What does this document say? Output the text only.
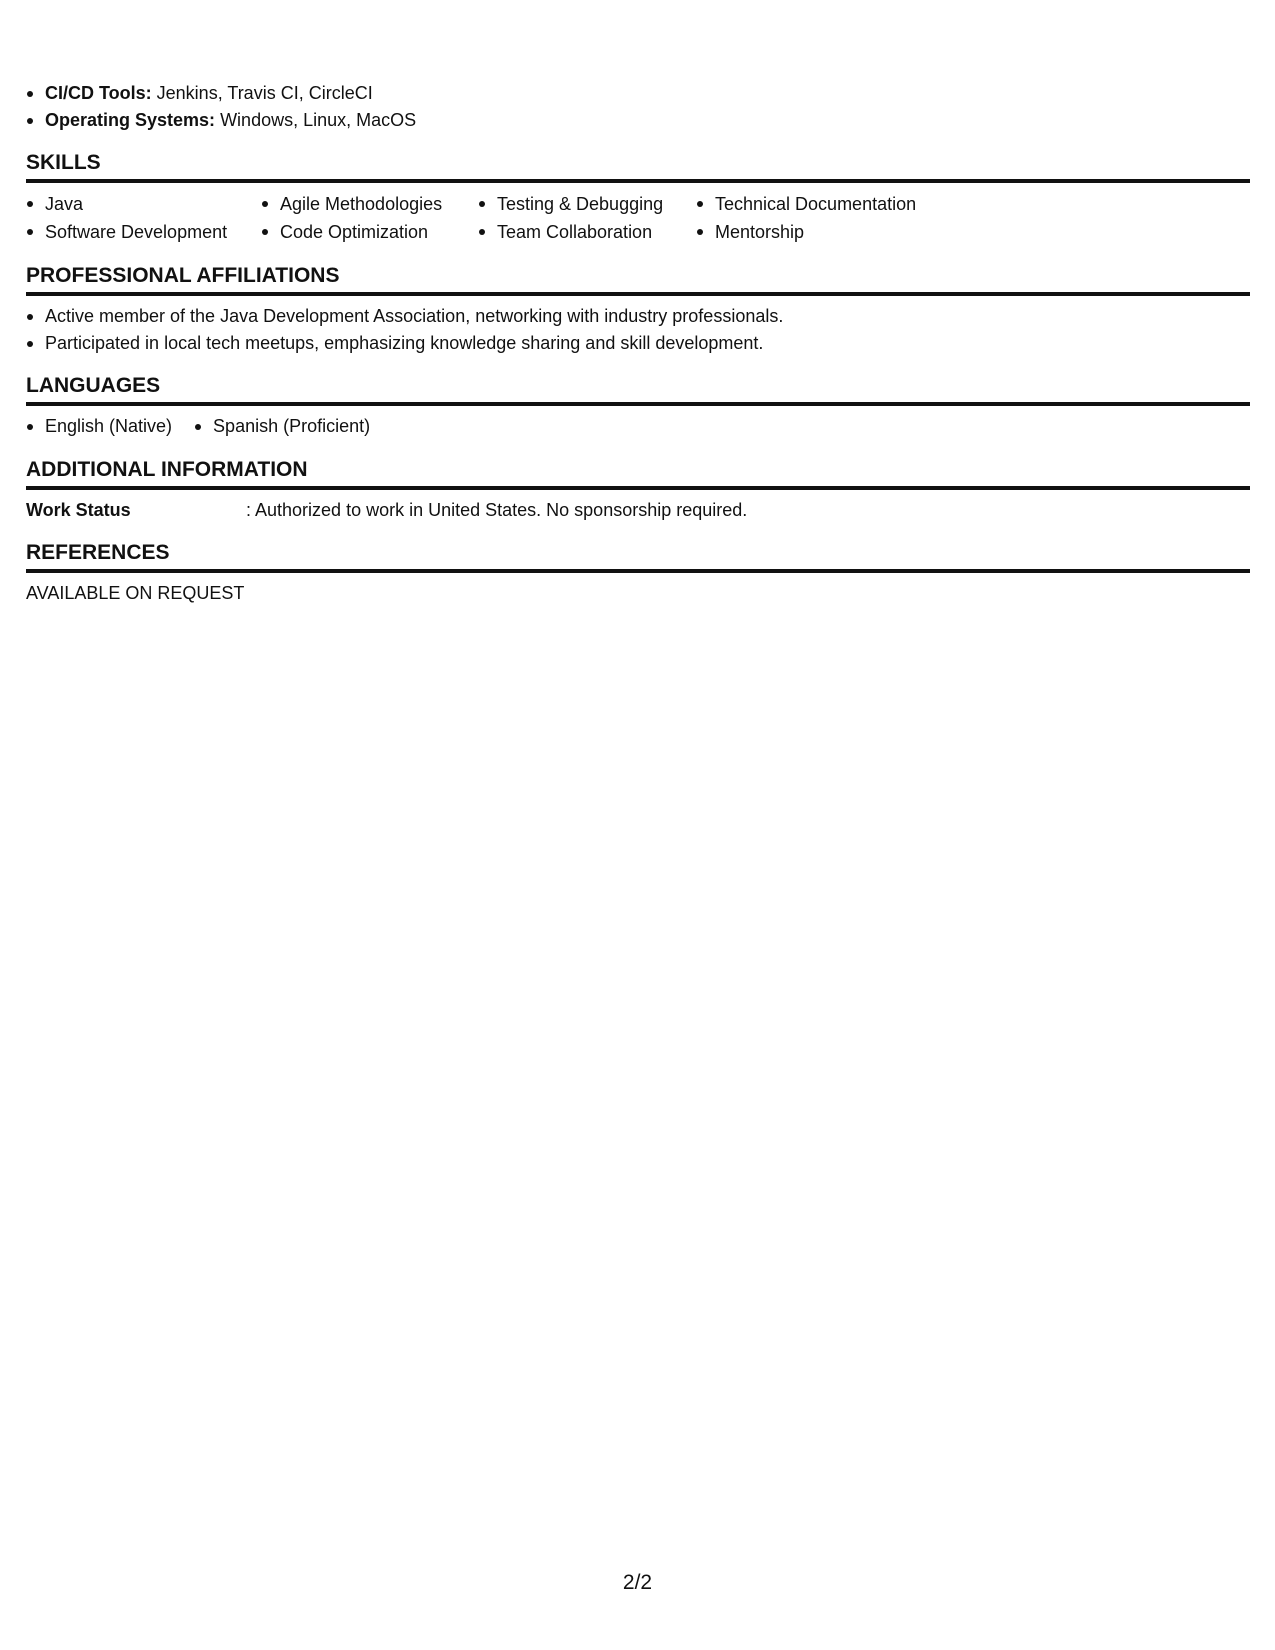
CI/CD Tools: Jenkins, Travis CI, CircleCI
Operating Systems: Windows, Linux, MacOS
SKILLS
Java
Software Development
Agile Methodologies
Code Optimization
Testing & Debugging
Team Collaboration
Technical Documentation
Mentorship
PROFESSIONAL AFFILIATIONS
Active member of the Java Development Association, networking with industry professionals.
Participated in local tech meetups, emphasizing knowledge sharing and skill development.
LANGUAGES
English (Native)	Spanish (Proficient)
ADDITIONAL INFORMATION
Work Status	: Authorized to work in United States. No sponsorship required.
REFERENCES
AVAILABLE ON REQUEST
2/2
